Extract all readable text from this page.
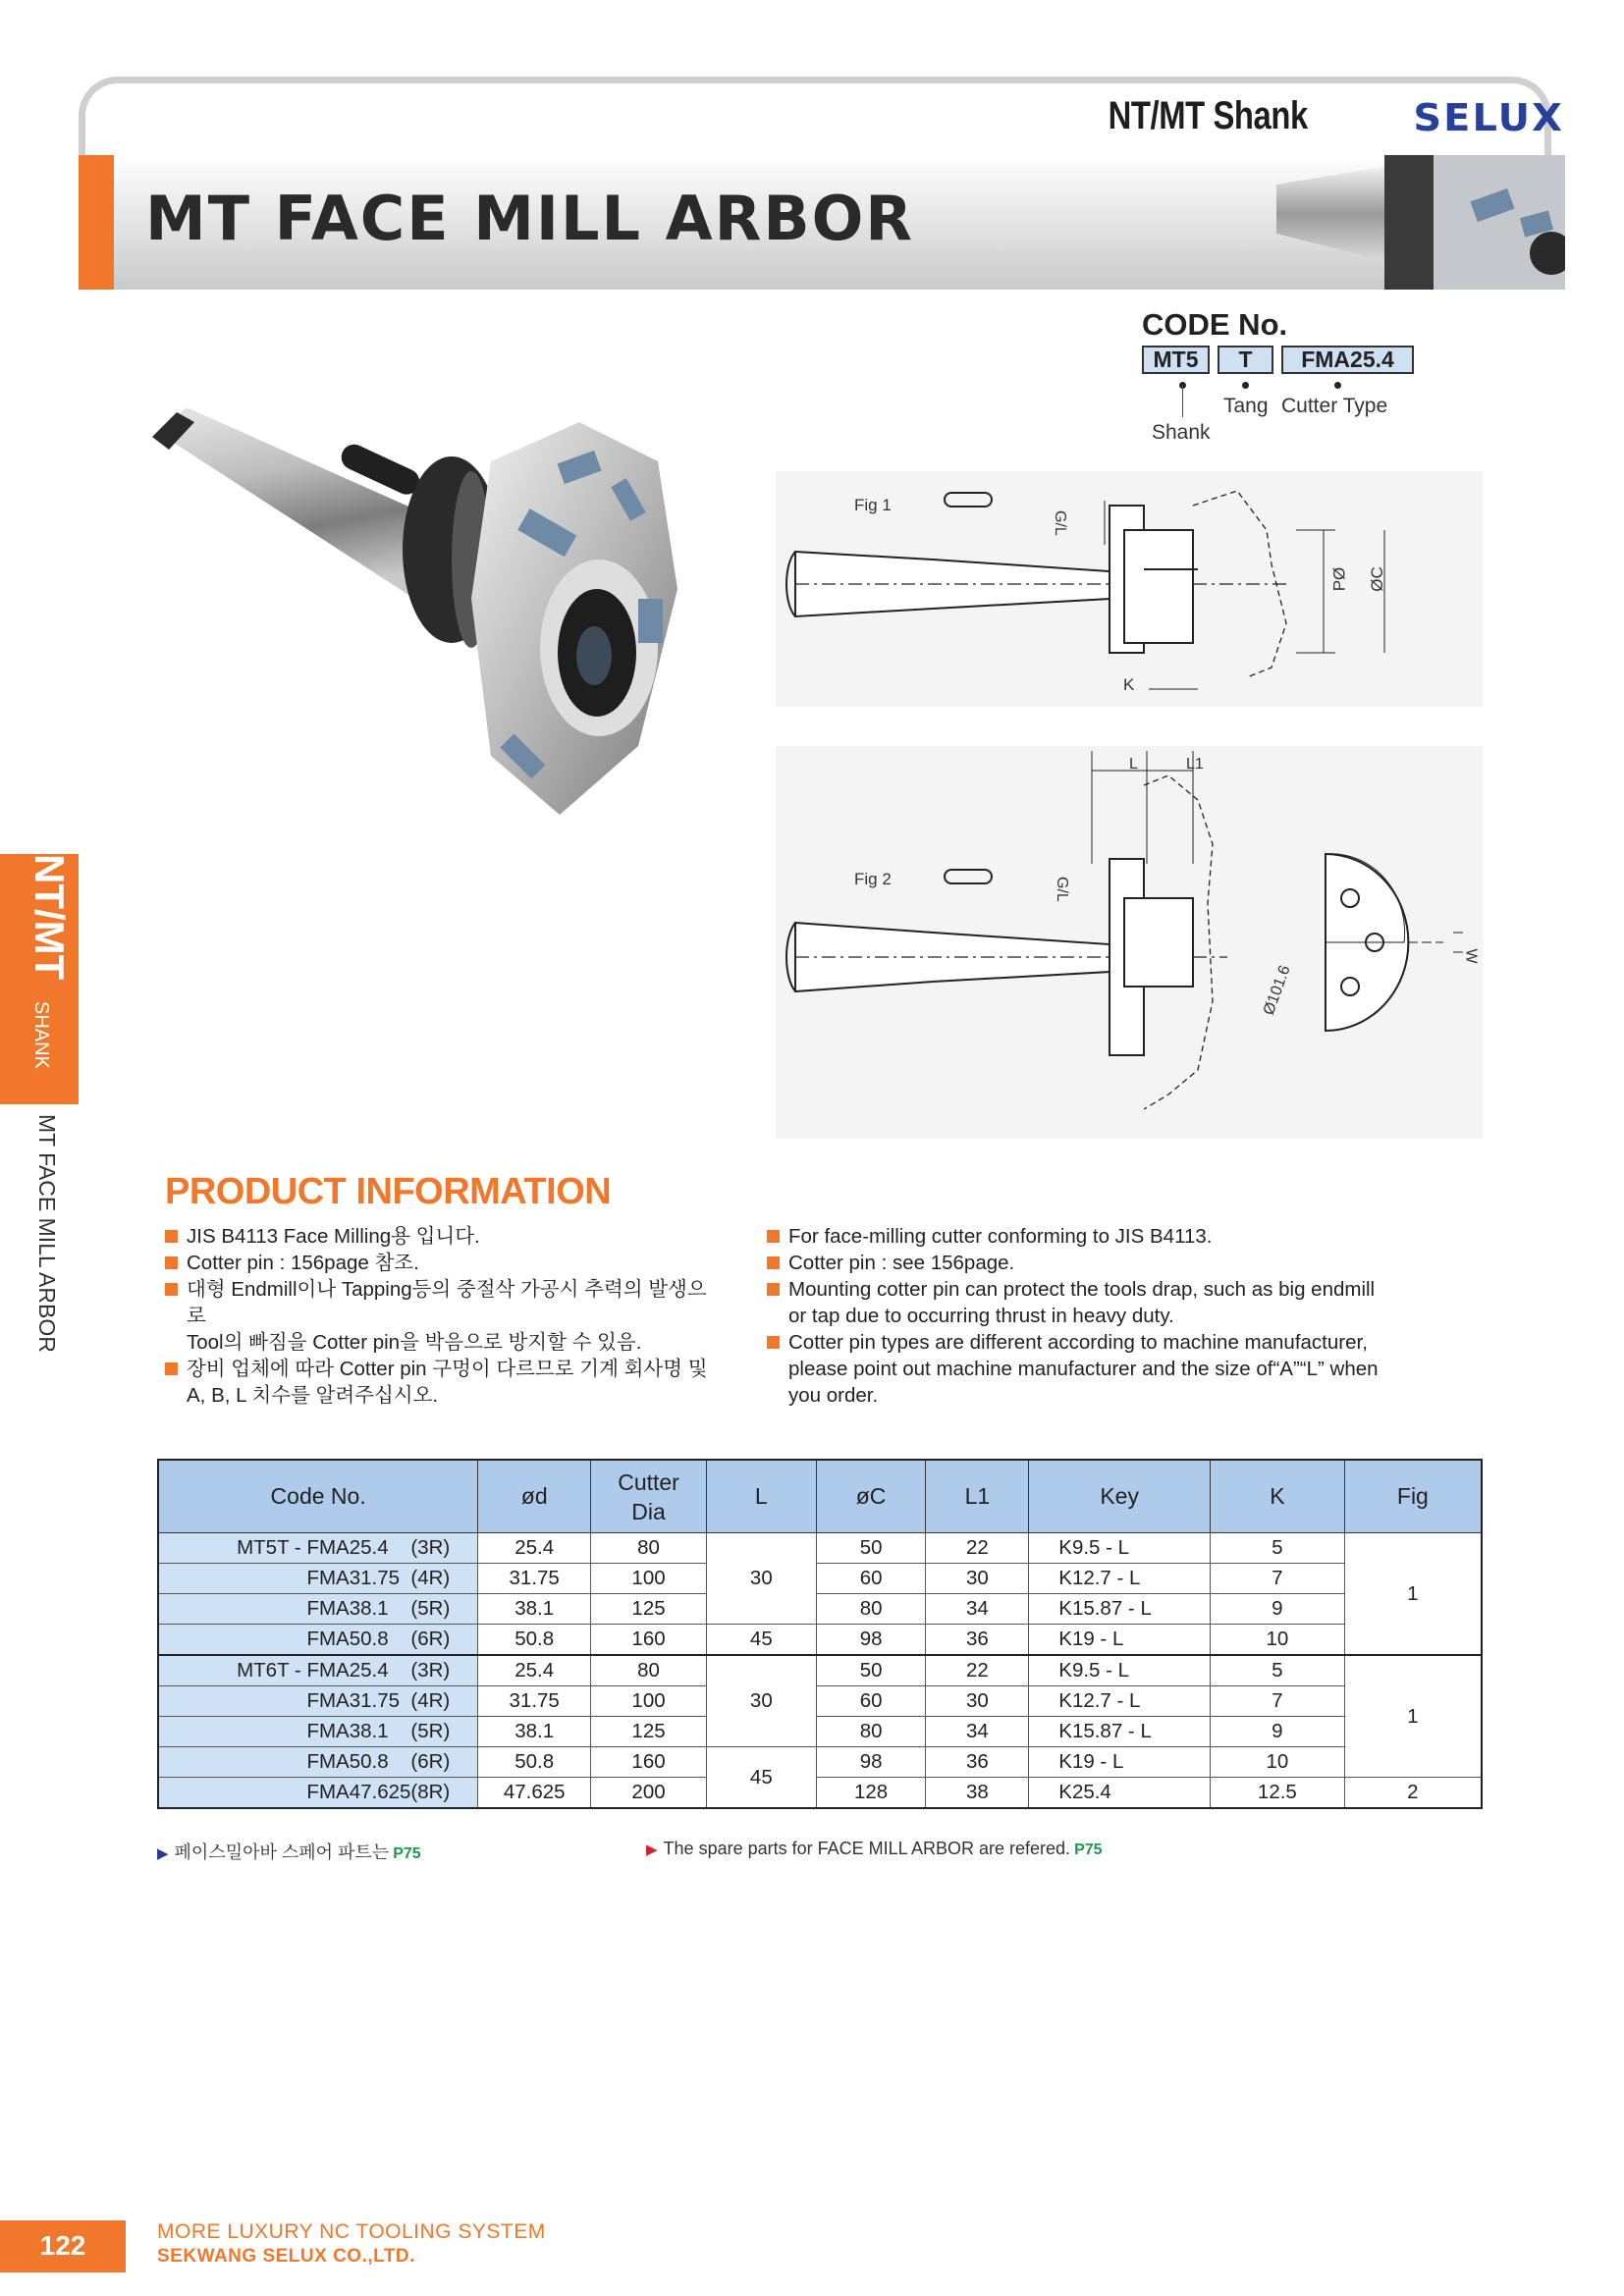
NT/MT Shank	SELUX
MT FACE MILL ARBOR
CODE No.
MT5	T	FMA25.4
Tang Cutter Type
Shank
Fig 1
G/L
PØ ØC
K
Fig 2	G/L
L	L1
W
Ø101.6
NT/MT
SHANK
MT FACE MILL ARBOR	PRODUCT INFORMATION
JIS B4113 Face Milling용 입니다.
Cotter pin : 156page 참조.
대형 Endmill이나 Tapping등의 중절삭 가공시 추력의 발생으로
Tool의 빠짐을 Cotter pin을 박음으로 방지할 수 있음.
장비 업체에 따라 Cotter pin 구멍이 다르므로 기계 회사명 및
A, B, L 치수를 알려주십시오.
For face-milling cutter conforming to JIS B4113.
Cotter pin : see 156page.
Mounting cotter pin can protect the tools drap, such as big endmill
or tap due to occurring thrust in heavy duty.
Cotter pin types are different according to machine manufacturer,
please point out machine manufacturer and the size of“A”“L” when
you order.
Code No.	ød	Cutter
Dia	L	øC	L1	Key	K	Fig
MT5T - FMA25.4    (3R)	25.4	80	30	50	22	K9.5 - L	5	1
FMA31.75  (4R)	31.75	100		60	30	K12.7 - L	7	
FMA38.1    (5R)	38.1	125		80	34	K15.87 - L	9	
FMA50.8    (6R)	50.8	160	45	98	36	K19 - L	10	
MT6T - FMA25.4    (3R)	25.4	80	30	50	22	K9.5 - L	5	1
FMA31.75  (4R)	31.75	100		60	30	K12.7 - L	7	
FMA38.1    (5R)	38.1	125		80	34	K15.87 - L	9	
FMA50.8    (6R)	50.8	160	45	98	36	K19 - L	10	
FMA47.625(8R)	47.625	200		128	38	K25.4	12.5	2
▶ 페이스밀아바 스페어 파트는 P75	▶ The spare parts for FACE MILL ARBOR are refered. P75
122	MORE LUXURY NC TOOLING SYSTEM
SEKWANG SELUX CO.,LTD.
